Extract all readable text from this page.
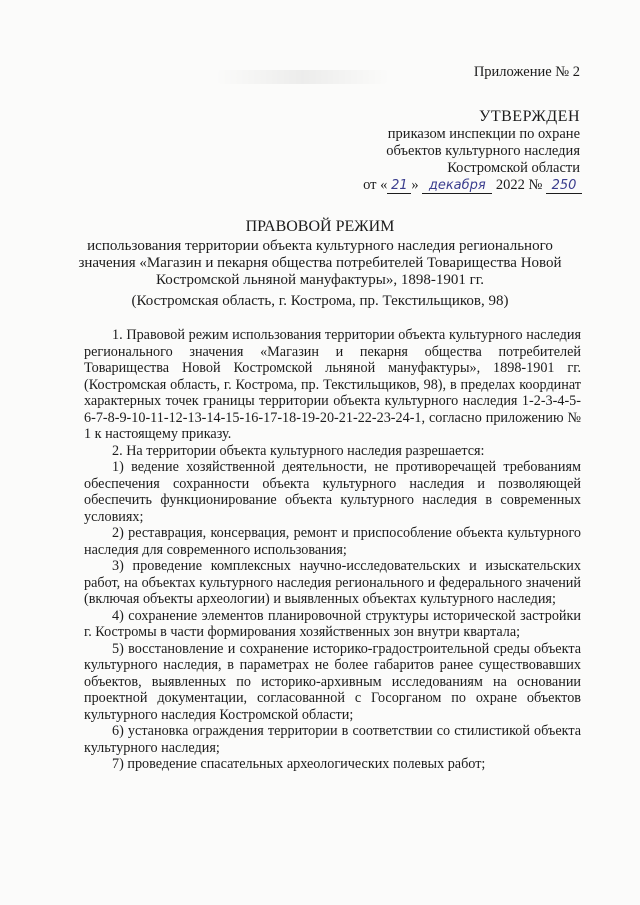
Приложение № 2
УТВЕРЖДЕН
приказом инспекции по охране
объектов культурного наследия
Костромской области
от « 21 » декабря 2022 № 250
ПРАВОВОЙ РЕЖИМ
использования территории объекта культурного наследия регионального
значения «Магазин и пекарня общества потребителей Товарищества Новой
Костромской льняной мануфактуры», 1898-1901 гг.
(Костромская область, г. Кострома, пр. Текстильщиков, 98)

1. Правовой режим использования территории объекта культурного наследия регионального значения «Магазин и пекарня общества потребителей Товарищества Новой Костромской льняной мануфактуры», 1898-1901 гг. (Костромская область, г. Кострома, пр. Текстильщиков, 98), в пределах координат характерных точек границы территории объекта культурного наследия 1-2-3-4-5-6-7-8-9-10-11-12-13-14-15-16-17-18-19-20-21-22-23-24-1, согласно приложению № 1 к настоящему приказу.

2. На территории объекта культурного наследия разрешается:

1) ведение хозяйственной деятельности, не противоречащей требованиям обеспечения сохранности объекта культурного наследия и позволяющей обеспечить функционирование объекта культурного наследия в современных условиях;

2) реставрация, консервация, ремонт и приспособление объекта культурного наследия для современного использования;

3) проведение комплексных научно-исследовательских и изыскательских работ, на объектах культурного наследия регионального и федерального значений (включая объекты археологии) и выявленных объектах культурного наследия;

4) сохранение элементов планировочной структуры исторической застройки г. Костромы в части формирования хозяйственных зон внутри квартала;

5) восстановление и сохранение историко-градостроительной среды объекта культурного наследия, в параметрах не более габаритов ранее существовавших объектов, выявленных по историко-архивным исследованиям на основании проектной документации, согласованной с Госорганом по охране объектов культурного наследия Костромской области;

6) установка ограждения территории в соответствии со стилистикой объекта культурного наследия;

7) проведение спасательных археологических полевых работ;
